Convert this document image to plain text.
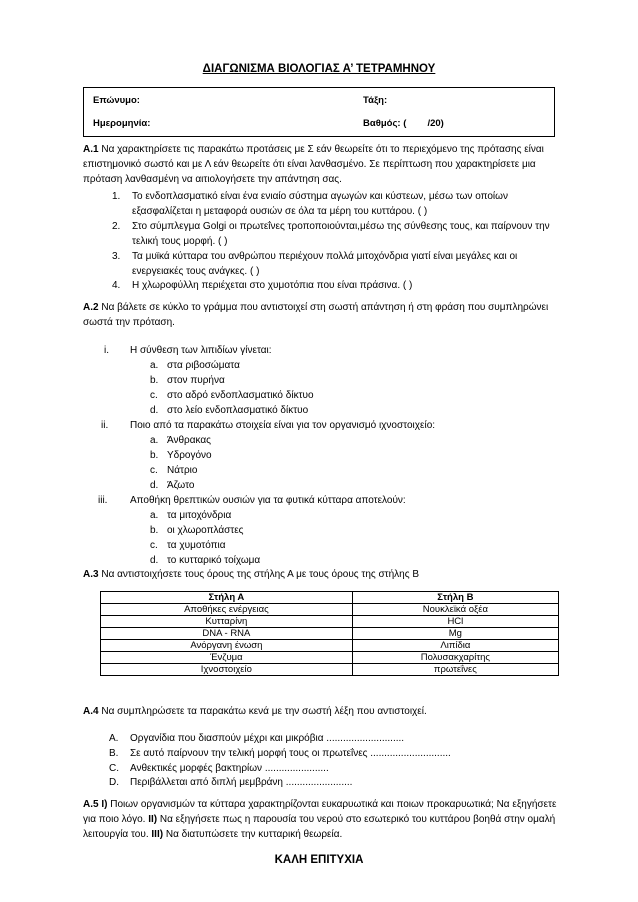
ΔΙΑΓΩΝΙΣΜΑ ΒΙΟΛΟΓΙΑΣ Α’ ΤΕΤΡΑΜΗΝΟΥ
Επώνυμο:	Τάξη:
Ημερομηνία:	Βαθμός: (        /20)
Α.1 Να χαρακτηρίσετε τις παρακάτω προτάσεις με Σ εάν θεωρείτε ότι το περιεχόμενο της πρότασης είναι επιστημονικό σωστό και με Λ εάν θεωρείτε ότι είναι λανθασμένο. Σε περίπτωση που χαρακτηρίσετε μια πρόταση λανθασμένη να αιτιολογήσετε την απάντηση σας.
1. Το ενδοπλασματικό είναι ένα ενιαίο σύστημα αγωγών και κύστεων, μέσω των οποίων
εξασφαλίζεται η μεταφορά ουσιών σε όλα τα μέρη του κυττάρου. ( )
2. Στο σύμπλεγμα Golgi οι πρωτεΐνες τροποποιούνται,μέσω της σύνθεσης τους, και παίρνουν την
τελική τους μορφή. ( )
3. Τα μυϊκά κύτταρα του ανθρώπου περιέχουν πολλά μιτοχόνδρια γιατί είναι μεγάλες και οι
ενεργειακές τους ανάγκες. ( )
4. Η χλωροφύλλη περιέχεται στο χυμοτόπια που είναι πράσινα. ( )
Α.2 Να βάλετε σε κύκλο το γράμμα που αντιστοιχεί στη σωστή απάντηση ή στη φράση που συμπληρώνει σωστά την πρόταση.
i. Η σύνθεση των λιπιδίων γίνεται:
a. στα ριβοσώματα
b. στον πυρήνα
c. στο αδρό ενδοπλασματικό δίκτυο
d. στο λείο ενδοπλασματικό δίκτυο
ii. Ποιο από τα παρακάτω στοιχεία είναι για τον οργανισμό ιχνοστοιχείο:
a. Άνθρακας
b. Υδρογόνο
c. Νάτριο
d. Άζωτο
iii. Αποθήκη θρεπτικών ουσιών για τα φυτικά κύτταρα αποτελούν:
a. τα μιτοχόνδρια
b. οι χλωροπλάστες
c. τα χυμοτόπια
d. το κυτταρικό τοίχωμα
Α.3 Να αντιστοιχήσετε τους όρους της στήλης Α με τους όρους της στήλης Β
Στήλη Α	Στήλη Β
Αποθήκες ενέργειας	Νουκλεϊκά οξέα
Κυτταρίνη	HCl
DNA - RNA	Mg
Ανόργανη ένωση	Λιπίδια
Ένζυμα	Πολυσακχαρίτης
Ιχνοστοιχείο	πρωτεΐνες
Α.4 Να συμπληρώσετε τα παρακάτω κενά με την σωστή λέξη που αντιστοιχεί.
A. Οργανίδια που διασπούν μέχρι και μικρόβια ............................
B. Σε αυτό παίρνουν την τελική μορφή τους οι πρωτεΐνες .............................
C. Ανθεκτικές μορφές βακτηρίων .......................
D. Περιβάλλεται από διπλή μεμβράνη ........................
Α.5 I) Ποιων οργανισμών τα κύτταρα χαρακτηρίζονται ευκαρυωτικά και ποιων προκαρυωτικά; Να εξηγήσετε για ποιο λόγο. II) Να εξηγήσετε πως η παρουσία του νερού στο εσωτερικό του κυττάρου βοηθά στην ομαλή λειτουργία του. III) Να διατυπώσετε την κυτταρική θεωρεία.
ΚΑΛΗ ΕΠΙΤΥΧΙΑ
